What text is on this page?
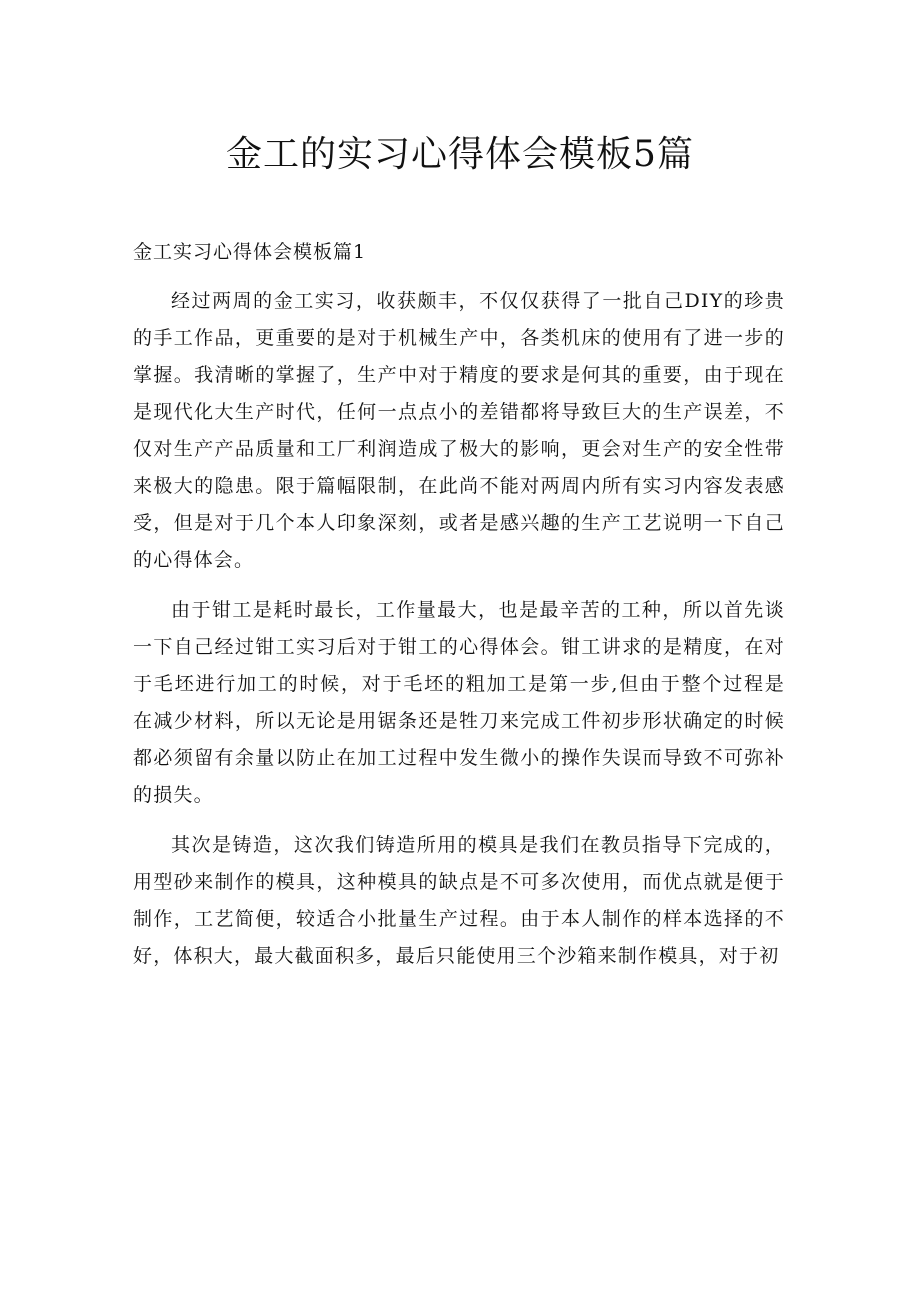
金工的实习心得体会模板5篇
金工实习心得体会模板篇1

经过两周的金工实习，收获颇丰，不仅仅获得了一批自己DIY的珍贵的手工作品，更重要的是对于机械生产中，各类机床的使用有了进一步的掌握。我清晰的掌握了，生产中对于精度的要求是何其的重要，由于现在是现代化大生产时代，任何一点点小的差错都将导致巨大的生产误差，不仅对生产产品质量和工厂利润造成了极大的影响，更会对生产的安全性带来极大的隐患。限于篇幅限制，在此尚不能对两周内所有实习内容发表感受，但是对于几个本人印象深刻，或者是感兴趣的生产工艺说明一下自己的心得体会。

由于钳工是耗时最长，工作量最大，也是最辛苦的工种，所以首先谈一下自己经过钳工实习后对于钳工的心得体会。钳工讲求的是精度，在对于毛坯进行加工的时候，对于毛坯的粗加工是第一步,但由于整个过程是在减少材料，所以无论是用锯条还是牲刀来完成工件初步形状确定的时候都必须留有余量以防止在加工过程中发生微小的操作失误而导致不可弥补的损失。

其次是铸造，这次我们铸造所用的模具是我们在教员指导下完成的，用型砂来制作的模具，这种模具的缺点是不可多次使用，而优点就是便于制作，工艺简便，较适合小批量生产过程。由于本人制作的样本选择的不好，体积大，最大截面积多，最后只能使用三个沙箱来制作模具，对于初
